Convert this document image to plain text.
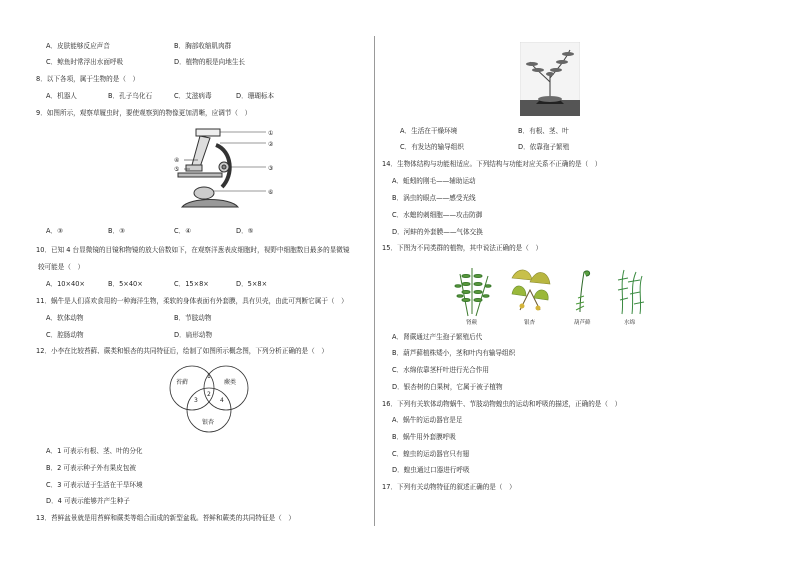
A．皮肤能够反应声音	B．胸部收缩肌肉群
C．鲸鱼时常浮出水面呼吸	D．植物的根是向地生长
8．以下各项，属于生物的是（　）
A．机器人	B．孔子乌化石	C．艾滋病毒	D．珊瑚标本
9．如图所示，观察草履虫时，要使观察到的物像更加清晰，应调节（　）
①
②
③
④
⑤
⑥
A．③	B．③	C．④	D．⑤
10．已知 4 台显微镜的目镜和物镜的放大倍数如下，在观察洋葱表皮细胞时，视野中细胞数目最多的显微镜
较可能是（　）
A．10×40×	B．5×40×	C．15×8×	D．5×8×
11．蜗牛是人们喜欢食用的一种海洋生物，柔软的身体表面有外套膜，具有贝壳，由此可判断它属于（　）
A．软体动物	B．节肢动物
C．腔肠动物	D．扁形动物
12．小李在比较苔藓、蕨类和银杏的共同特征后，绘制了如图所示概念图，下列分析正确的是（　）
苔藓	蕨类
银杏
1
2
3	4
A．1 可表示有根、茎、叶的分化
B．2 可表示种子外有果皮包被
C．3 可表示适于生活在干旱环境
D．4 可表示能够并产生种子
13．苔鲜盆景就是用苔鲜和蕨类等组合而成的新型盆栽。苔鲜和蕨类的共同特征是（　）
A．生活在干燥环境	B．有根、茎、叶
C．有发达的输导组织	D．依靠孢子繁殖
14．生物体结构与功能相适应。下列结构与功能对应关系不正确的是（　）
A．蚯蚓的刚毛——辅助运动
B．涡虫的眼点——感受光线
C．水螅的刺细胞——攻击防御
D．河蚌的外套膜——气体交换
15．下图为不同类群的植物，其中说法正确的是（　）
肾蕨	银杏	葫芦藓	水绵
A．肾蕨通过产生孢子繁殖后代
B．葫芦藓植株矮小，茎和叶内有输导组织
C．水绵依靠茎杆叶进行光合作用
D．银杏树的白果树，它属于被子植物
16．下列有关软体动物蜗牛、节肢动物蝗虫的运动和呼吸的描述，正确的是（　）
A．蜗牛的运动器官是足
B．蜗牛用外套膜呼吸
C．蝗虫的运动器官只有翅
D．蝗虫通过口器进行呼吸
17．下列有关动物特征的叙述正确的是（　）
